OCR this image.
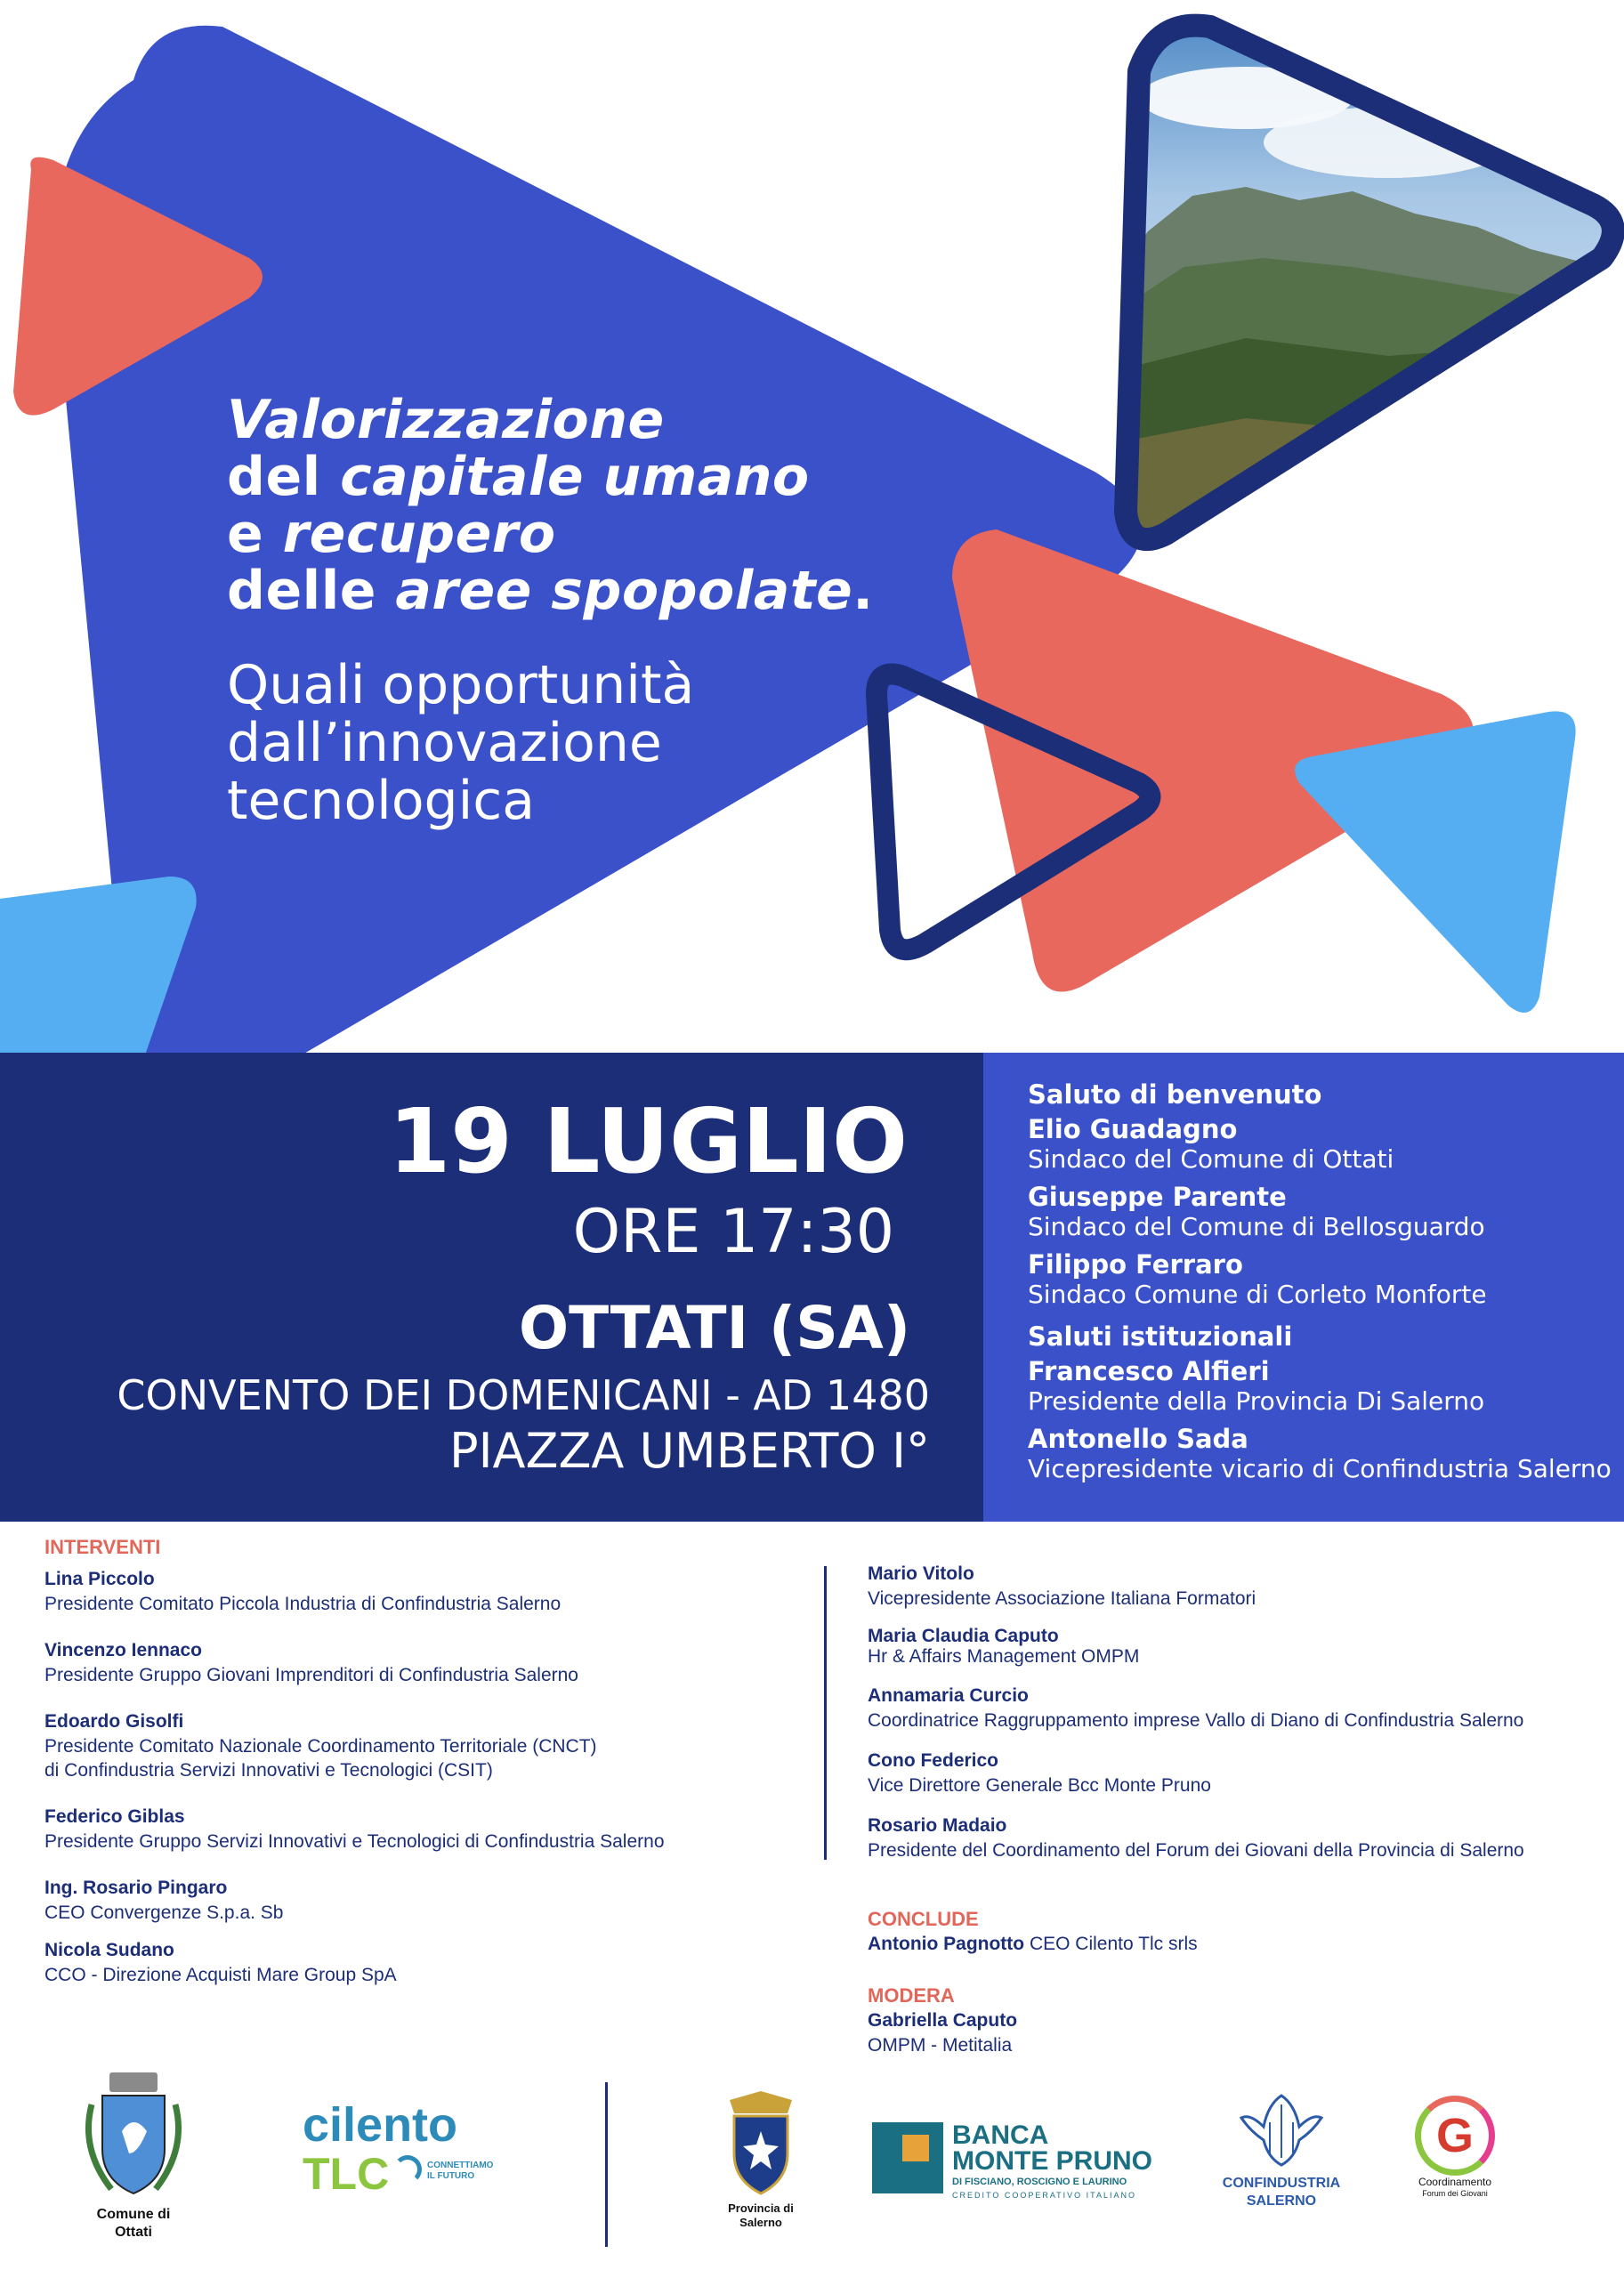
Valorizzazione
del capitale umano
e recupero
delle aree spopolate.
Quali opportunità
dall’innovazione
tecnologica
19 LUGLIO
ORE 17:30
OTTATI (SA)
CONVENTO DEI DOMENICANI - AD 1480
PIAZZA UMBERTO I°
Saluto di benvenuto
Elio Guadagno
Sindaco del Comune di Ottati
Giuseppe Parente
Sindaco del Comune di Bellosguardo
Filippo Ferraro
Sindaco Comune di Corleto Monforte
Saluti istituzionali
Francesco Alfieri
Presidente della Provincia Di Salerno
Antonello Sada
Vicepresidente vicario di Confindustria Salerno
INTERVENTI
Lina Piccolo
Presidente Comitato Piccola Industria di Confindustria Salerno
Vincenzo Iennaco
Presidente Gruppo Giovani Imprenditori di Confindustria Salerno
Edoardo Gisolfi
Presidente Comitato Nazionale Coordinamento Territoriale (CNCT)
di Confindustria Servizi Innovativi e Tecnologici (CSIT)
Federico Giblas
Presidente Gruppo Servizi Innovativi e Tecnologici di Confindustria Salerno
Ing. Rosario Pingaro
CEO Convergenze S.p.a. Sb
Nicola Sudano
CCO - Direzione Acquisti Mare Group SpA
Mario Vitolo
Vicepresidente Associazione Italiana Formatori
Maria Claudia Caputo
Hr & Affairs Management OMPM
Annamaria Curcio
Coordinatrice Raggruppamento imprese Vallo di Diano di Confindustria Salerno
Cono Federico
Vice Direttore Generale Bcc Monte Pruno
Rosario Madaio
Presidente del Coordinamento del Forum dei Giovani della Provincia di Salerno
CONCLUDE
Antonio Pagnotto CEO Cilento Tlc srls
MODERA
Gabriella Caputo
OMPM - Metitalia
Comune di
Ottati
cilento
TLC	CONNETTIAMO
IL FUTURO
Provincia di
Salerno
BANCA
MONTE PRUNO
DI FISCIANO, ROSCIGNO E LAURINO
CREDITO COOPERATIVO ITALIANO
CONFINDUSTRIA
SALERNO
G
Coordinamento
Forum dei Giovani
